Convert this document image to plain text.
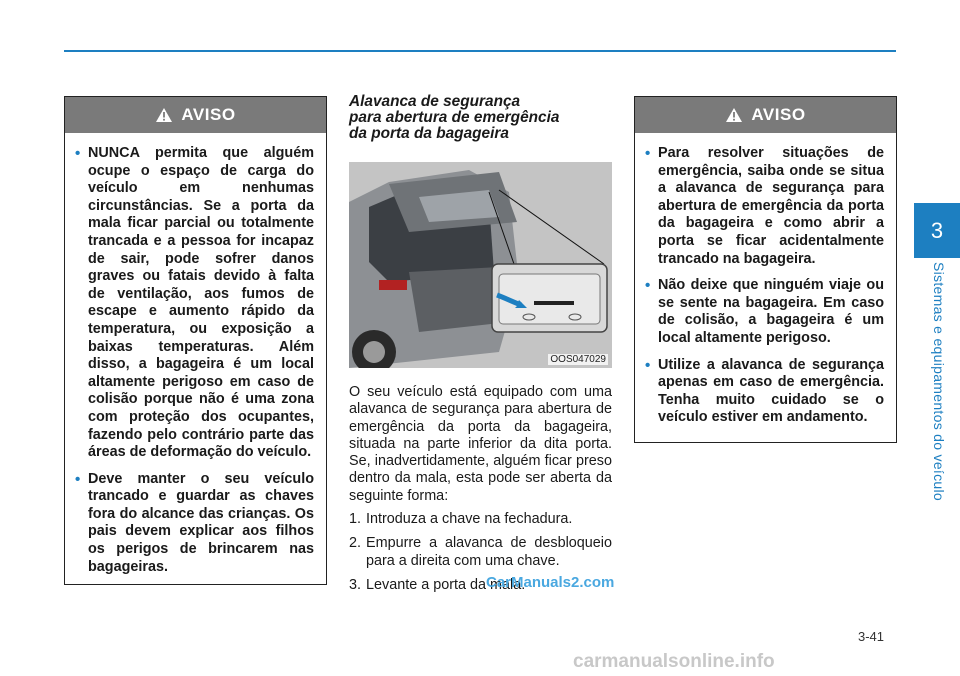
3
Sistemas e equipamentos do veículo
AVISO
• NUNCA permita que alguém ocupe o espaço de carga do veículo em nenhumas circunstâncias. Se a porta da mala ficar parcial ou totalmente trancada e a pessoa for incapaz de sair, pode sofrer danos graves ou fatais devido à falta de ventilação, aos fumos de escape e aumento rápido da temperatura, ou exposição a baixas temperaturas. Além disso, a bagageira é um local altamente perigoso em caso de colisão porque não é uma zona com proteção dos ocupantes, fazendo pelo contrário parte das áreas de deformação do veículo.
• Deve manter o seu veículo trancado e guardar as chaves fora do alcance das crianças. Os pais devem explicar aos filhos os perigos de brincarem nas bagageiras.
Alavanca de segurança
para abertura de emergência
da porta da bagageira
OOS047029

O seu veículo está equipado com uma alavanca de segurança para abertura de emergência da porta da bagageira, situada na parte inferior da dita porta. Se, inadvertidamente, alguém ficar preso dentro da mala, esta pode ser aberta da seguinte forma:

1. Introduza a chave na fechadura.
2. Empurre a alavanca de desbloqueio para a direita com uma chave.
3. Levante a porta da mala.
AVISO
• Para resolver situações de emergência, saiba onde se situa a alavanca de segurança para abertura de emergência da porta da bagageira e como abrir a porta se ficar acidentalmente trancado na bagageira.
• Não deixe que ninguém viaje ou se sente na bagageira. Em caso de colisão, a bagageira é um local altamente perigoso.
• Utilize a alavanca de segurança apenas em caso de emergência. Tenha muito cuidado se o veículo estiver em andamento.
CarManuals2.com
3-41
carmanualsonline.info
